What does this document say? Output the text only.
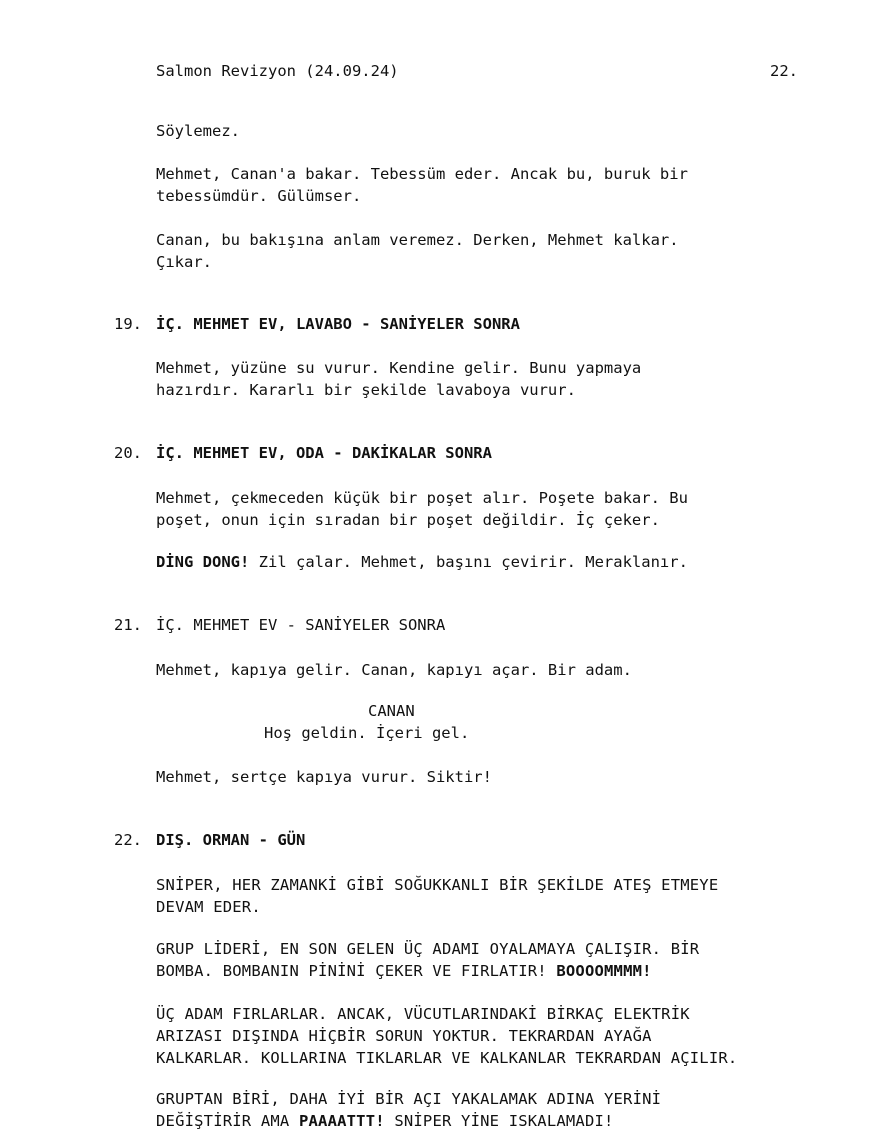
Salmon Revizyon (24.09.24)	22.
Söylemez.
Mehmet, Canan'a bakar. Tebessüm eder. Ancak bu, buruk bir
tebessümdür. Gülümser.
Canan, bu bakışına anlam veremez. Derken, Mehmet kalkar.
Çıkar.
19. İÇ. MEHMET EV, LAVABO - SANİYELER SONRA
Mehmet, yüzüne su vurur. Kendine gelir. Bunu yapmaya
hazırdır. Kararlı bir şekilde lavaboya vurur.
20. İÇ. MEHMET EV, ODA - DAKİKALAR SONRA
Mehmet, çekmeceden küçük bir poşet alır. Poşete bakar. Bu
poşet, onun için sıradan bir poşet değildir. İç çeker.
DİNG DONG! Zil çalar. Mehmet, başını çevirir. Meraklanır.
21. İÇ. MEHMET EV - SANİYELER SONRA
Mehmet, kapıya gelir. Canan, kapıyı açar. Bir adam.
CANAN
Hoş geldin. İçeri gel.
Mehmet, sertçe kapıya vurur. Siktir!
22. DIŞ. ORMAN - GÜN
SNİPER, HER ZAMANKİ GİBİ SOĞUKKANLI BİR ŞEKİLDE ATEŞ ETMEYE
DEVAM EDER.
GRUP LİDERİ, EN SON GELEN ÜÇ ADAMI OYALAMAYA ÇALIŞIR. BİR
BOMBA. BOMBANIN PİNİNİ ÇEKER VE FIRLATIR! BOOOOMMMM!
ÜÇ ADAM FIRLARLAR. ANCAK, VÜCUTLARINDAKİ BİRKAÇ ELEKTRİK
ARIZASI DIŞINDA HİÇBİR SORUN YOKTUR. TEKRARDAN AYAĞA
KALKARLAR. KOLLARINA TIKLARLAR VE KALKANLAR TEKRARDAN AÇILIR.
GRUPTAN BİRİ, DAHA İYİ BİR AÇI YAKALAMAK ADINA YERİNİ
DEĞİŞTİRİR AMA PAAAATTT! SNİPER YİNE ISKALAMADI!
